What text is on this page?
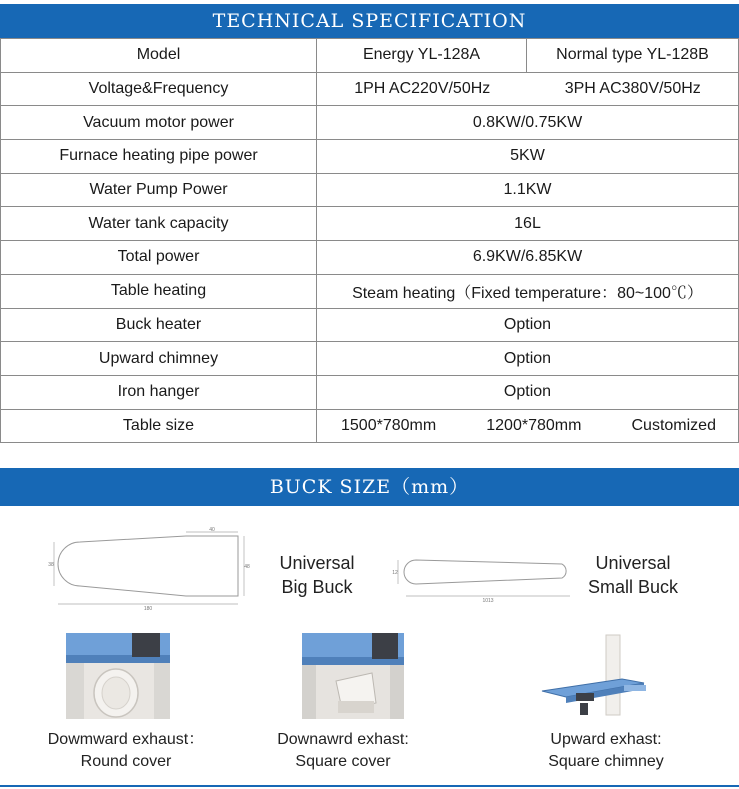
TECHNICAL SPECIFICATION
Model	Energy YL-128A	Normal type YL-128B
Voltage&Frequency	1PH AC220V/50Hz 3PH AC380V/50Hz	

Vacuum motor power	0.8KW/0.75KW	
Furnace heating pipe power	5KW	
Water Pump Power	1.1KW	
Water tank capacity	16L	
Total power	6.9KW/6.85KW	
Table heating	Steam heating（Fixed temperature：80~100℃）	
Buck heater	Option	
Upward chimney	Option	
Iron hanger	Option	
Table size	1500*780mm 1200*780mm Customized	
BUCK SIZE（mm）
40
38	48
180
Universal
Big Buck
12
1013
Universal
Small Buck
Dowmward exhaust：
Round cover
Downawrd exhast:
Square cover
Upward exhast:
Square chimney
